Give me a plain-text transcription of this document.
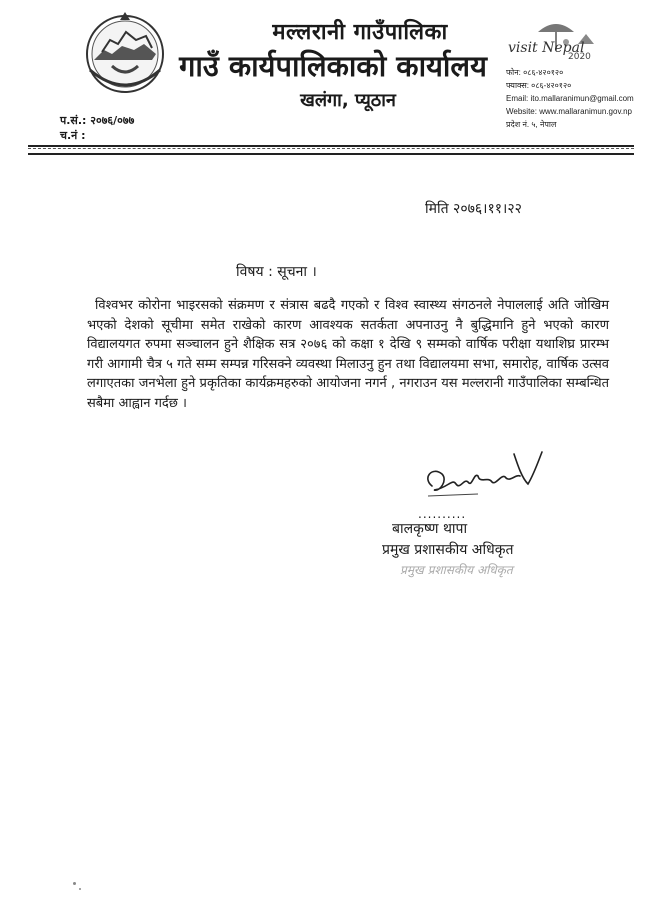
मल्लरानी गाउँपालिका
गाउँ कार्यपालिकाको कार्यालय
खलंगा, प्यूठान
visit Nepal
2020
फोन: ०८६-४२०१२०
फ्याक्स: ०८६-४२०१२०
Email: ito.mallaranimun@gmail.com
Website: www.mallaranimun.gov.np
प्रदेश नं. ५, नेपाल
प.सं.: २०७६/०७७
च.नं :
मिति २०७६।११।२२
विषय : सूचना ।
विश्वभर कोरोना भाइरसको संक्रमण र संत्रास बढदै गएको र विश्व स्वास्थ्य संगठनले नेपाललाई अति जोखिम भएको देशको सूचीमा समेत राखेको कारण आवश्यक सतर्कता अपनाउनु नै बुद्धिमानि हुने भएको कारण विद्यालयगत रुपमा सञ्चालन हुने शैक्षिक सत्र २०७६ को कक्षा १ देखि ९ सम्मको वार्षिक परीक्षा यथाशिघ्र प्रारम्भ गरी आगामी चैत्र ५ गते सम्म सम्पन्न गरिसक्ने व्यवस्था मिलाउनु हुन तथा विद्यालयमा सभा, समारोह, वार्षिक उत्सव लगाएतका जनभेला हुने प्रकृतिका कार्यक्रमहरुको आयोजना नगर्न , नगराउन यस मल्लरानी गाउँपालिका सम्बन्धित सबैमा आह्वान गर्दछ ।
..........
बालकृष्ण थापा
प्रमुख प्रशासकीय अधिकृत
प्रमुख प्रशासकीय अधिकृत
